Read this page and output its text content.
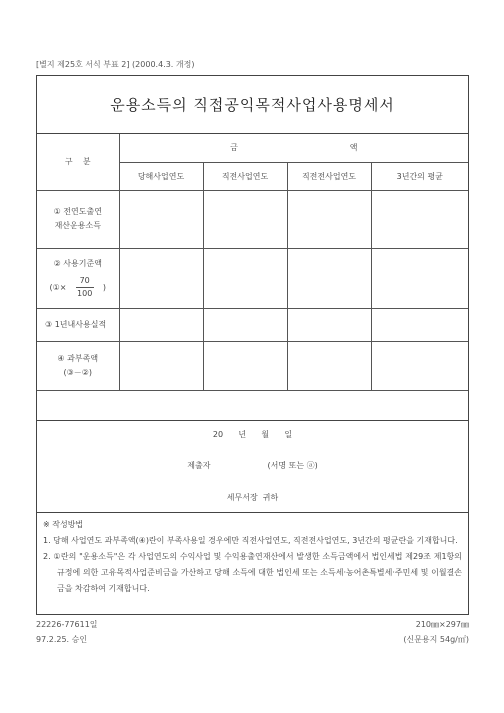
[별지 제25호 서식 부표 2] (2000.4.3. 개정)
운용소득의 직접공익목적사업사용명세서
구    분	금                                            액			
	당해사업연도	직전사업연도	직전전사업연도	3년간의 평균

① 전연도출연
재산운용소득				

② 사용기준액
(①× $\frac{70}{100}$ )				

③ 1년내사용실적				

④ 과부족액
(③－②)				

20      년      월      일
제출자	(서명 또는 ⓐ)
세무서장  귀하
※ 작성방법
1. 당해 사업연도 과부족액(④)란이 부족사용일 경우에만 직전사업연도, 직전전사업연도, 3년간의 평균란을 기재합니다.
2. ①란의 "운용소득"은 각 사업연도의 수익사업 및 수익용출연재산에서 발생한 소득금액에서 법인세법 제29조 제1항의 규정에 의한 고유목적사업준비금을 가산하고 당해 소득에 대한 법인세 또는 소득세·농어촌특별세·주민세 및 이월결손금을 차감하여 기재합니다.
22226-77611일
97.2.25. 승인
210㎜×297㎜
(신문용지 54g/㎡)
